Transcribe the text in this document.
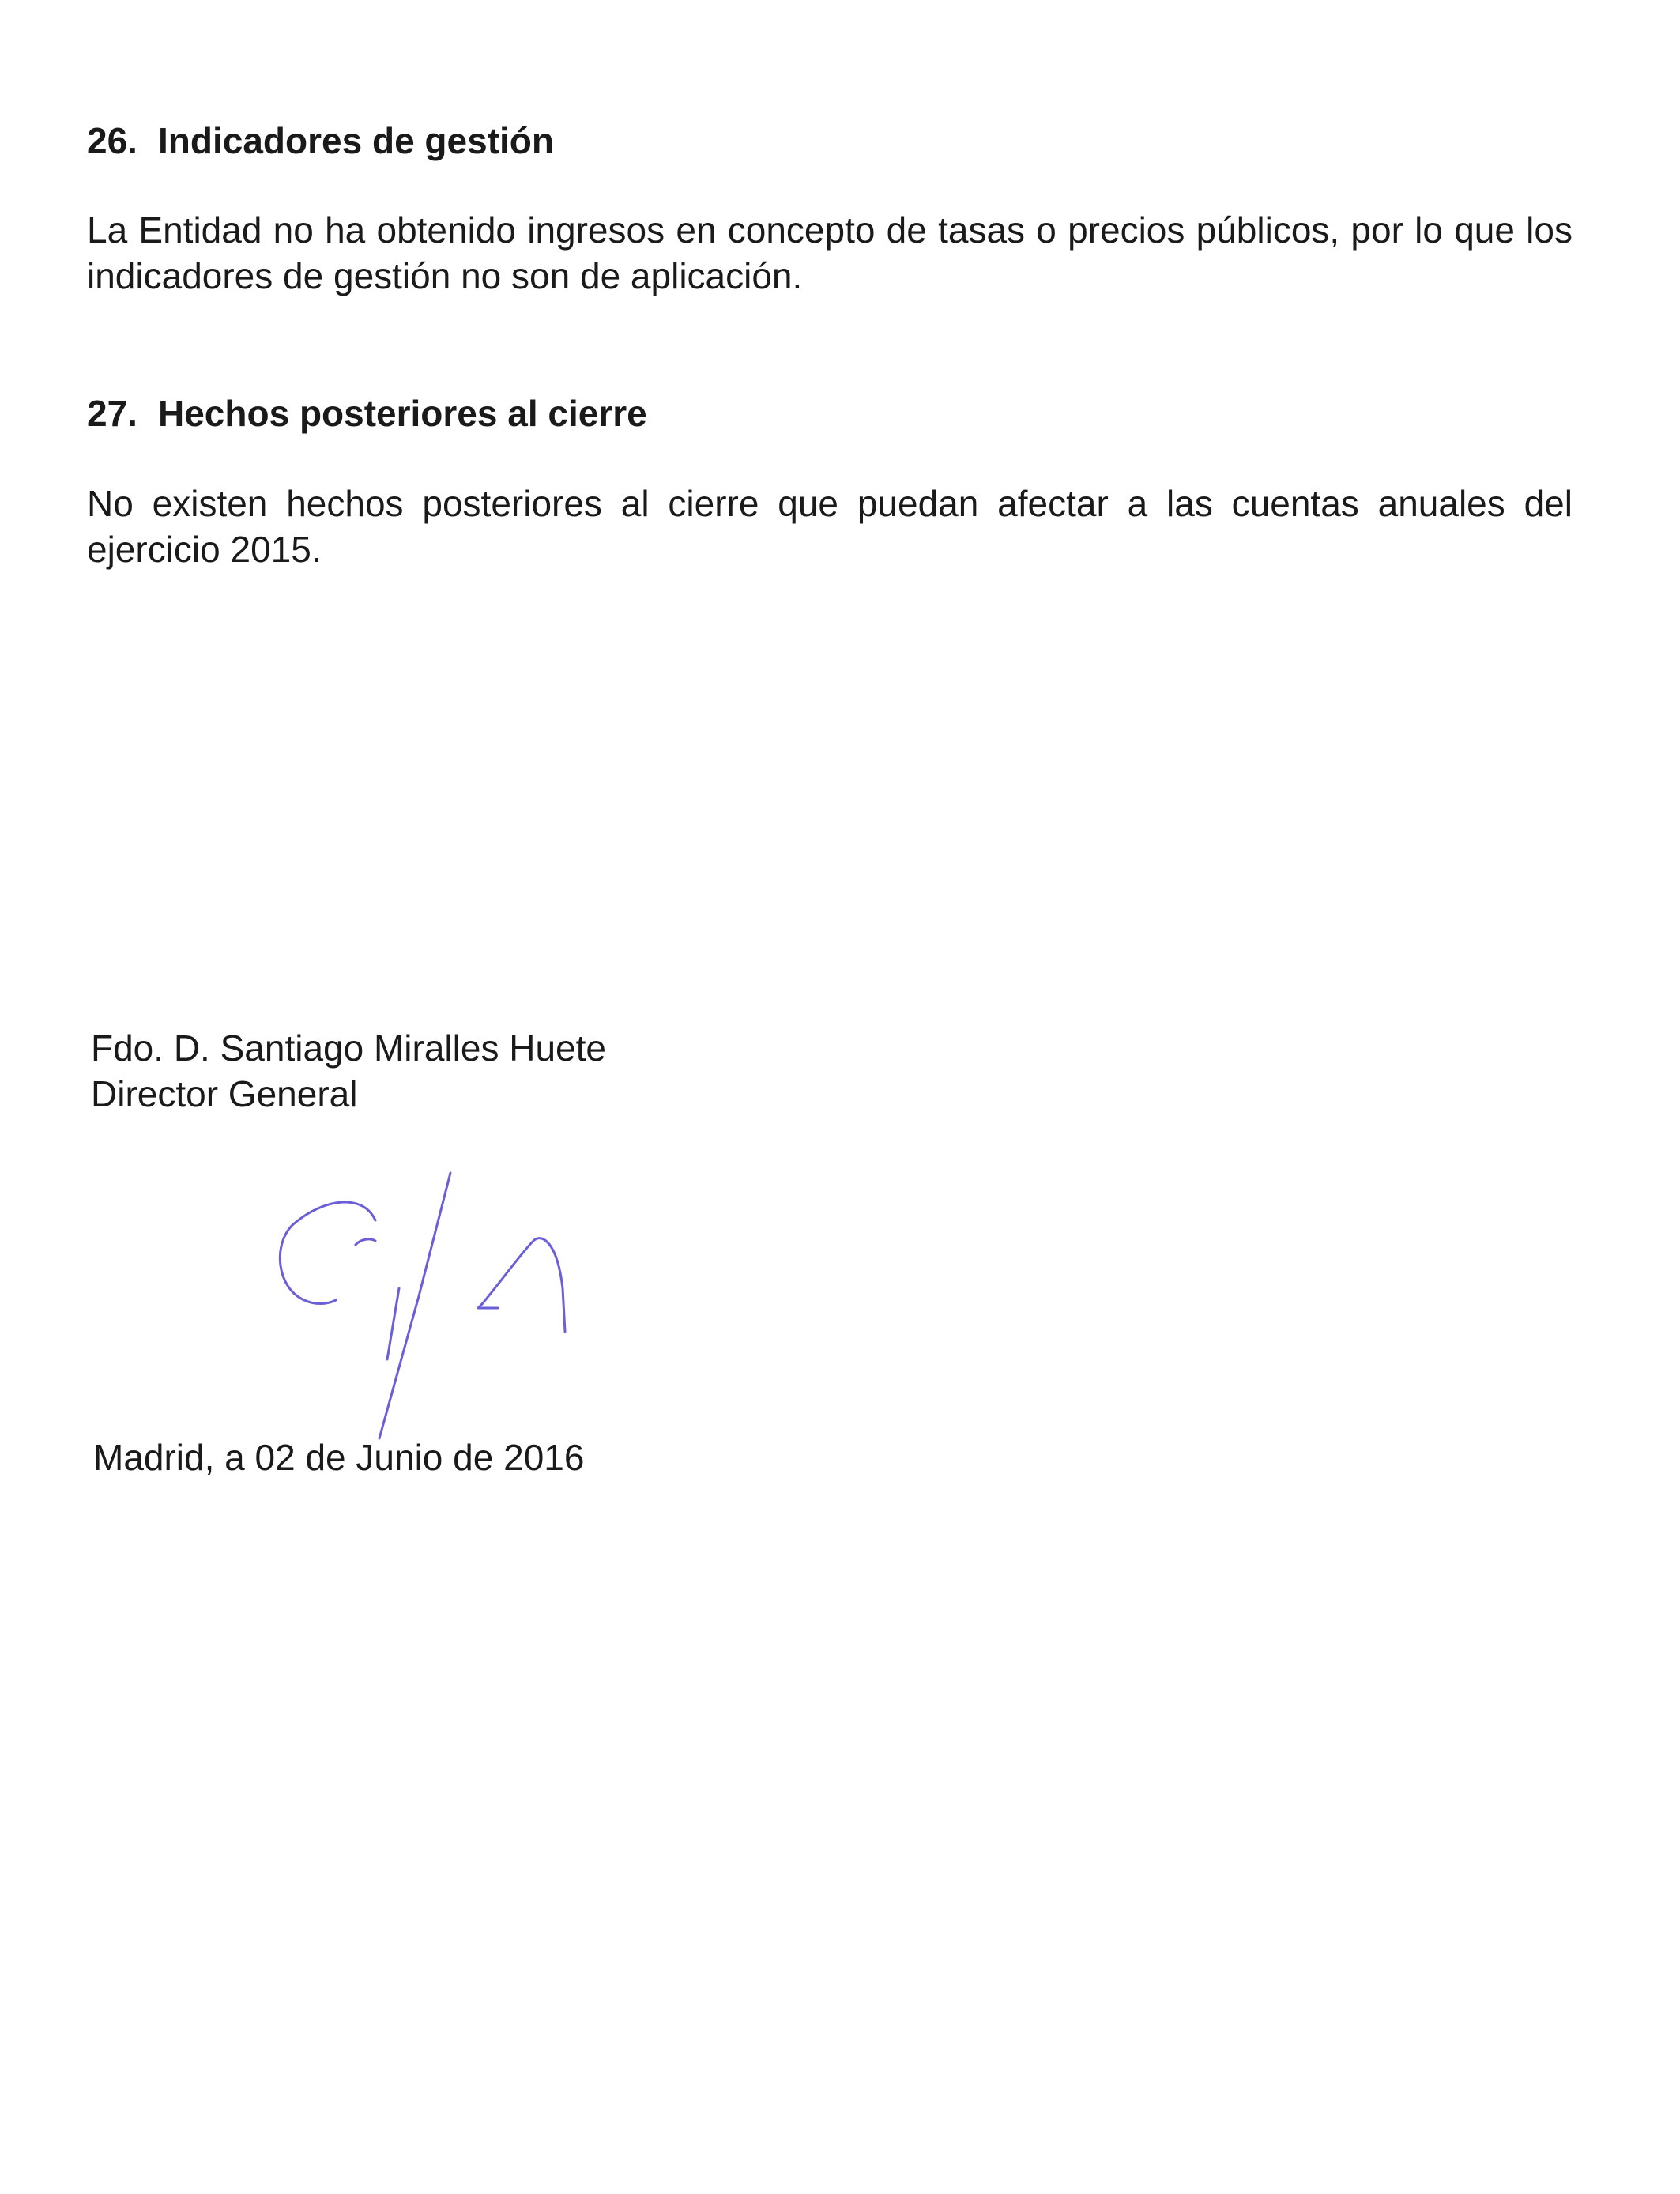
26. Indicadores de gestión

La Entidad no ha obtenido ingresos en concepto de tasas o precios públicos, por lo que los indicadores de gestión no son de aplicación.

27. Hechos posteriores al cierre

No existen hechos posteriores al cierre que puedan afectar a las cuentas anuales del ejercicio 2015.

Fdo. D. Santiago Miralles Huete

Director General

Madrid, a 02 de Junio de 2016
